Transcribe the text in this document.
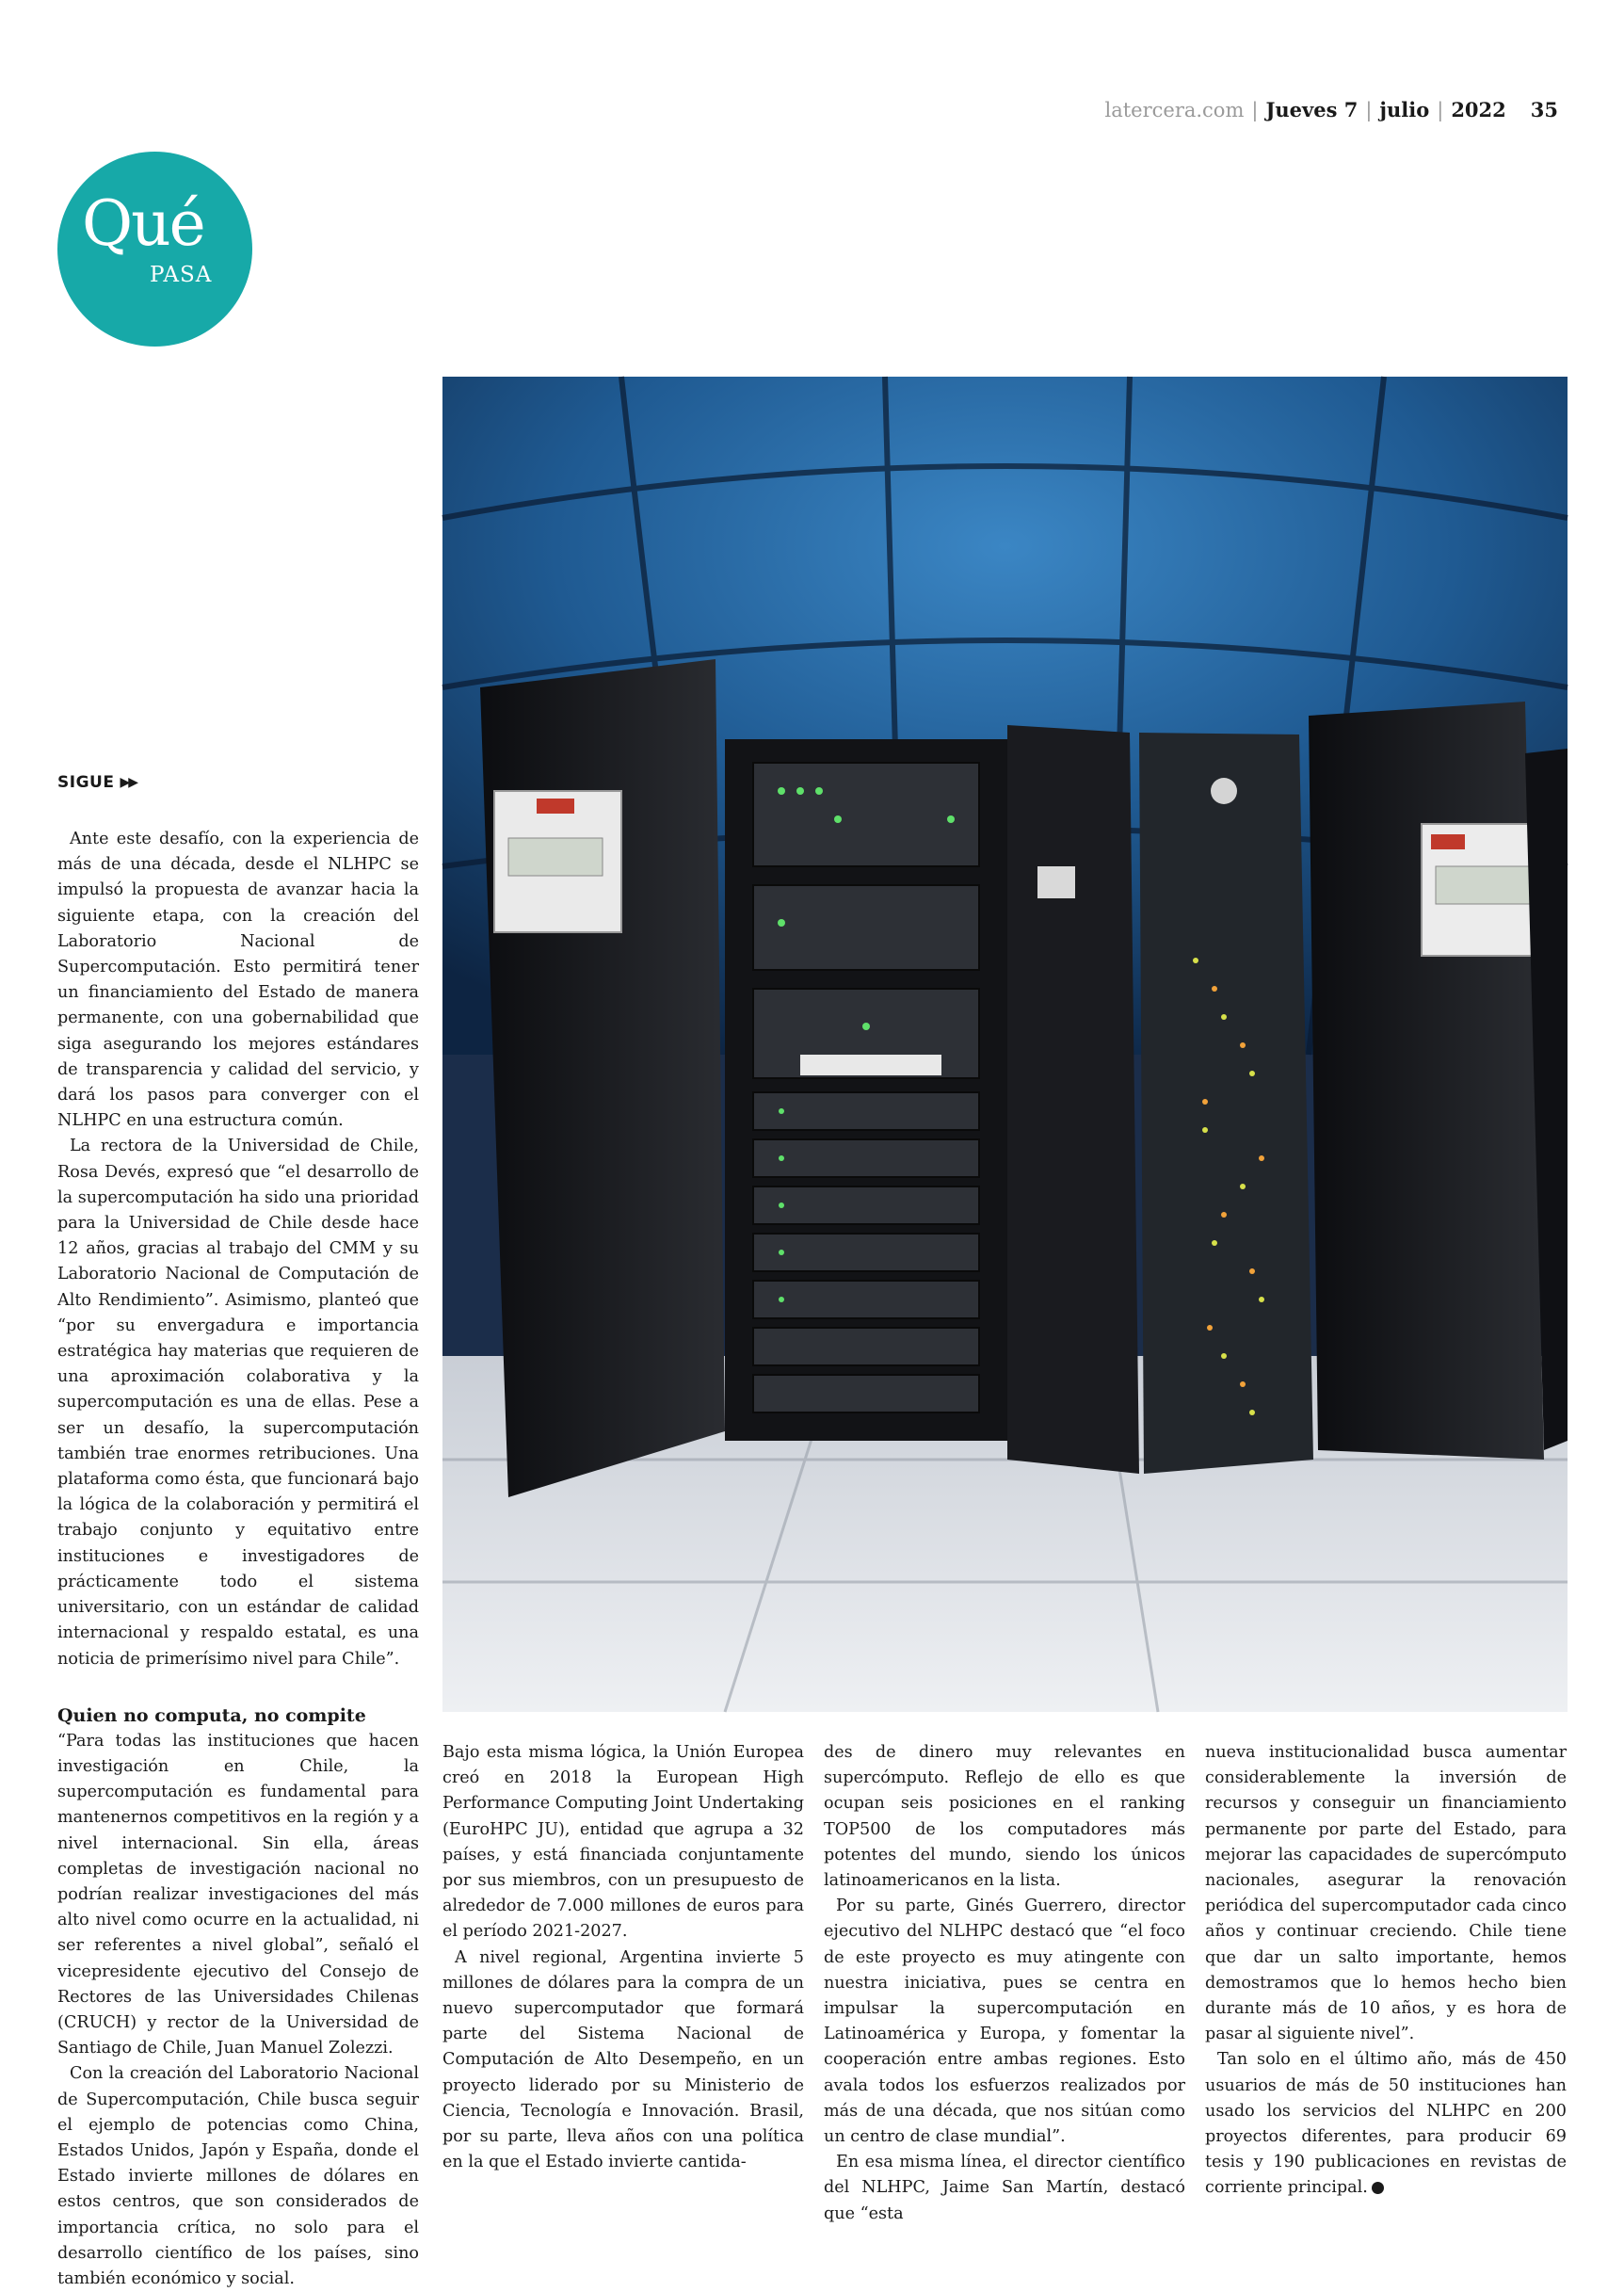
latercera.com | Jueves 7 | julio | 2022 35
Qué
PASA
SIGUE ▶▶

Ante este desafío, con la experiencia de más de una década, desde el NLHPC se impulsó la propuesta de avanzar hacia la siguiente etapa, con la creación del Laboratorio Nacional de Supercomputación. Esto permitirá tener un financiamiento del Estado de manera permanente, con una gobernabilidad que siga asegurando los mejores estándares de transparencia y calidad del servicio, y dará los pasos para converger con el NLHPC en una estructura común.

La rectora de la Universidad de Chile, Rosa Devés, expresó que “el desarrollo de la supercomputación ha sido una prioridad para la Universidad de Chile desde hace 12 años, gracias al trabajo del CMM y su Laboratorio Nacional de Computación de Alto Rendimiento”. Asimismo, planteó que “por su envergadura e importancia estratégica hay materias que requieren de una aproximación colaborativa y la supercomputación es una de ellas. Pese a ser un desafío, la supercomputación también trae enormes retribuciones. Una plataforma como ésta, que funcionará bajo la lógica de la colaboración y permitirá el trabajo conjunto y equitativo entre instituciones e investigadores de prácticamente todo el sistema universitario, con un estándar de calidad internacional y respaldo estatal, es una noticia de primerísimo nivel para Chile”.

Quien no computa, no compite

“Para todas las instituciones que hacen investigación en Chile, la supercomputación es fundamental para mantenernos competitivos en la región y a nivel internacional. Sin ella, áreas completas de investigación nacional no podrían realizar investigaciones del más alto nivel como ocurre en la actualidad, ni ser referentes a nivel global”, señaló el vicepresidente ejecutivo del Consejo de Rectores de las Universidades Chilenas (CRUCH) y rector de la Universidad de Santiago de Chile, Juan Manuel Zolezzi.

Con la creación del Laboratorio Nacional de Supercomputación, Chile busca seguir el ejemplo de potencias como China, Estados Unidos, Japón y España, donde el Estado invierte millones de dólares en estos centros, que son considerados de importancia crítica, no solo para el desarrollo científico de los países, sino también económico y social.

Bajo esta misma lógica, la Unión Europea creó en 2018 la European High Performance Computing Joint Undertaking (EuroHPC JU), entidad que agrupa a 32 países, y está financiada conjuntamente por sus miembros, con un presupuesto de alrededor de 7.000 millones de euros para el período 2021-2027.

A nivel regional, Argentina invierte 5 millones de dólares para la compra de un nuevo supercomputador que formará parte del Sistema Nacional de Computación de Alto Desempeño, en un proyecto liderado por su Ministerio de Ciencia, Tecnología e Innovación. Brasil, por su parte, lleva años con una política en la que el Estado invierte cantida-

des de dinero muy relevantes en supercómputo. Reflejo de ello es que ocupan seis posiciones en el ranking TOP500 de los computadores más potentes del mundo, siendo los únicos latinoamericanos en la lista.

Por su parte, Ginés Guerrero, director ejecutivo del NLHPC destacó que “el foco de este proyecto es muy atingente con nuestra iniciativa, pues se centra en impulsar la supercomputación en Latinoamérica y Europa, y fomentar la cooperación entre ambas regiones. Esto avala todos los esfuerzos realizados por más de una década, que nos sitúan como un centro de clase mundial”.

En esa misma línea, el director científico del NLHPC, Jaime San Martín, destacó que “esta

nueva institucionalidad busca aumentar considerablemente la inversión de recursos y conseguir un financiamiento permanente por parte del Estado, para mejorar las capacidades de supercómputo nacionales, asegurar la renovación periódica del supercomputador cada cinco años y continuar creciendo. Chile tiene que dar un salto importante, hemos demostramos que lo hemos hecho bien durante más de 10 años, y es hora de pasar al siguiente nivel”.

Tan solo en el último año, más de 450 usuarios de más de 50 instituciones han usado los servicios del NLHPC en 200 proyectos diferentes, para producir 69 tesis y 190 publicaciones en revistas de corriente principal.
